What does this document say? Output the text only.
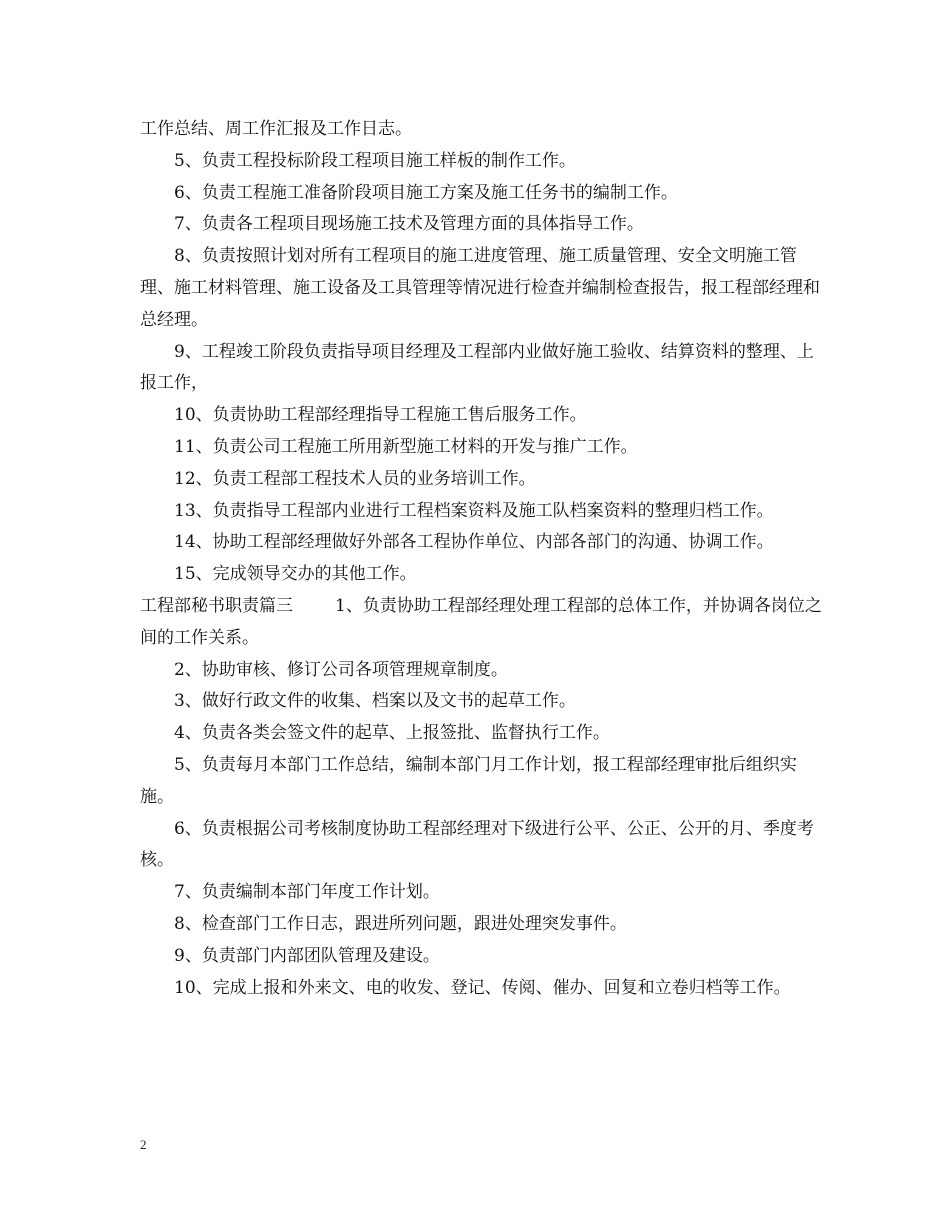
工作总结、周工作汇报及工作日志。

5、负责工程投标阶段工程项目施工样板的制作工作。

6、负责工程施工准备阶段项目施工方案及施工任务书的编制工作。

7、负责各工程项目现场施工技术及管理方面的具体指导工作。

8、负责按照计划对所有工程项目的施工进度管理、施工质量管理、安全文明施工管理、施工材料管理、施工设备及工具管理等情况进行检查并编制检查报告，报工程部经理和总经理。

9、工程竣工阶段负责指导项目经理及工程部内业做好施工验收、结算资料的整理、上报工作，

10、负责协助工程部经理指导工程施工售后服务工作。

11、负责公司工程施工所用新型施工材料的开发与推广工作。

12、负责工程部工程技术人员的业务培训工作。

13、负责指导工程部内业进行工程档案资料及施工队档案资料的整理归档工作。

14、协助工程部经理做好外部各工程协作单位、内部各部门的沟通、协调工作。

15、完成领导交办的其他工作。

工程部秘书职责篇三 1、负责协助工程部经理处理工程部的总体工作，并协调各岗位之间的工作关系。

2、协助审核、修订公司各项管理规章制度。

3、做好行政文件的收集、档案以及文书的起草工作。

4、负责各类会签文件的起草、上报签批、监督执行工作。

5、负责每月本部门工作总结，编制本部门月工作计划，报工程部经理审批后组织实施。

6、负责根据公司考核制度协助工程部经理对下级进行公平、公正、公开的月、季度考核。

7、负责编制本部门年度工作计划。

8、检查部门工作日志，跟进所列问题，跟进处理突发事件。

9、负责部门内部团队管理及建设。

10、完成上报和外来文、电的收发、登记、传阅、催办、回复和立卷归档等工作。

2
